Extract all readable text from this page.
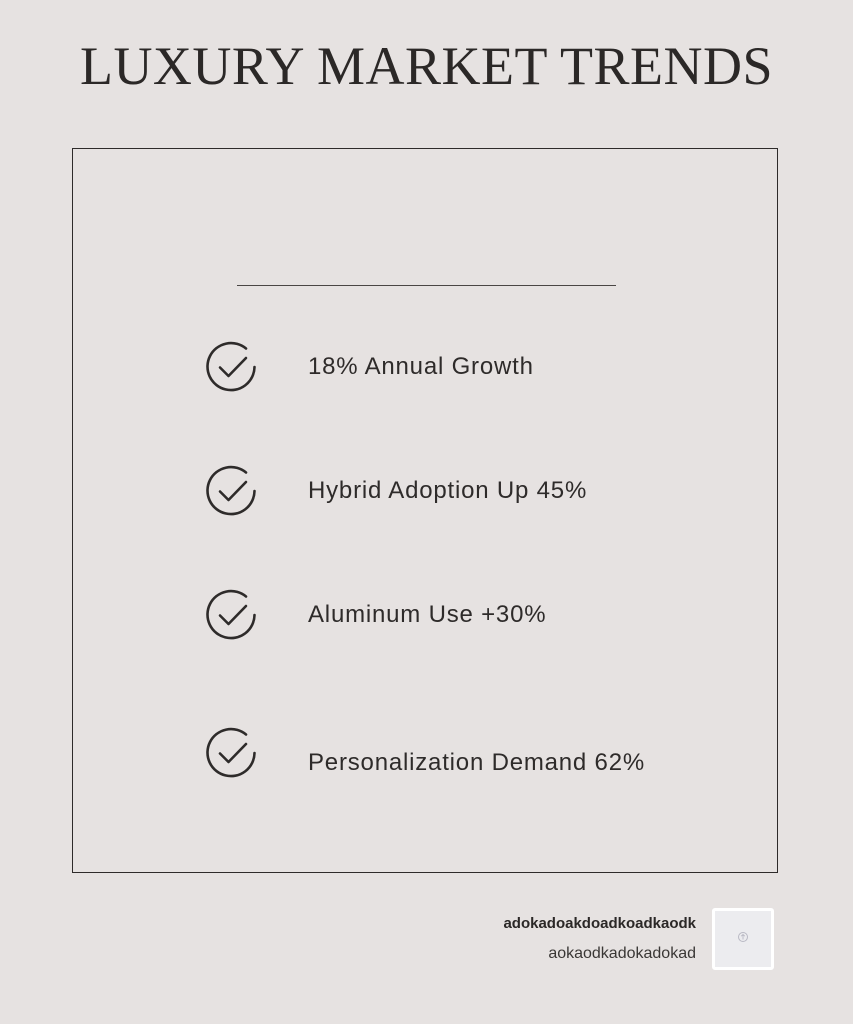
LUXURY MARKET TRENDS
18% Annual Growth
Hybrid Adoption Up 45%
Aluminum Use +30%
Personalization Demand 62%
adokadoakdoadkoadkaodk
aokaodkadokadokad
